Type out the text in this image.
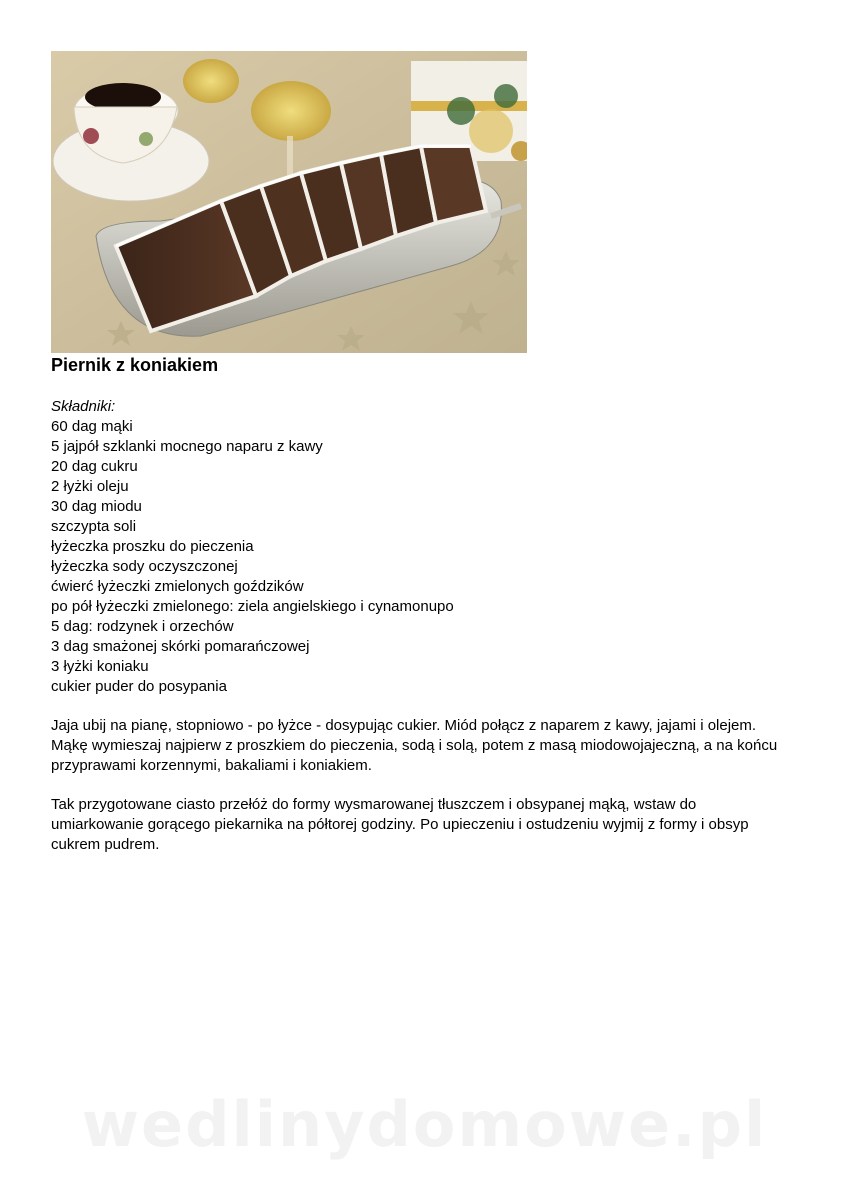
Piernik z koniakiem
Składniki:
60 dag mąki
5 jajpół szklanki mocnego naparu z kawy
20 dag cukru
2 łyżki oleju
30 dag miodu
szczypta soli
łyżeczka proszku do pieczenia
łyżeczka sody oczyszczonej
ćwierć łyżeczki zmielonych goździków
po pół łyżeczki zmielonego: ziela angielskiego i cynamonupo
5 dag: rodzynek i orzechów
3 dag smażonej skórki pomarańczowej
3 łyżki koniaku
cukier puder do posypania

Jaja ubij na pianę, stopniowo - po łyżce - dosypując cukier. Miód połącz z naparem z kawy, jajami i olejem. Mąkę wymieszaj najpierw z proszkiem do pieczenia, sodą i solą, potem z masą miodowojajeczną, a na końcu przyprawami korzennymi, bakaliami i koniakiem.

Tak przygotowane ciasto przełóż do formy wysmarowanej tłuszczem i obsypanej mąką, wstaw do umiarkowanie gorącego piekarnika na półtorej godziny. Po upieczeniu i ostudzeniu wyjmij z formy i obsyp cukrem pudrem.

wedlinydomowe.pl
